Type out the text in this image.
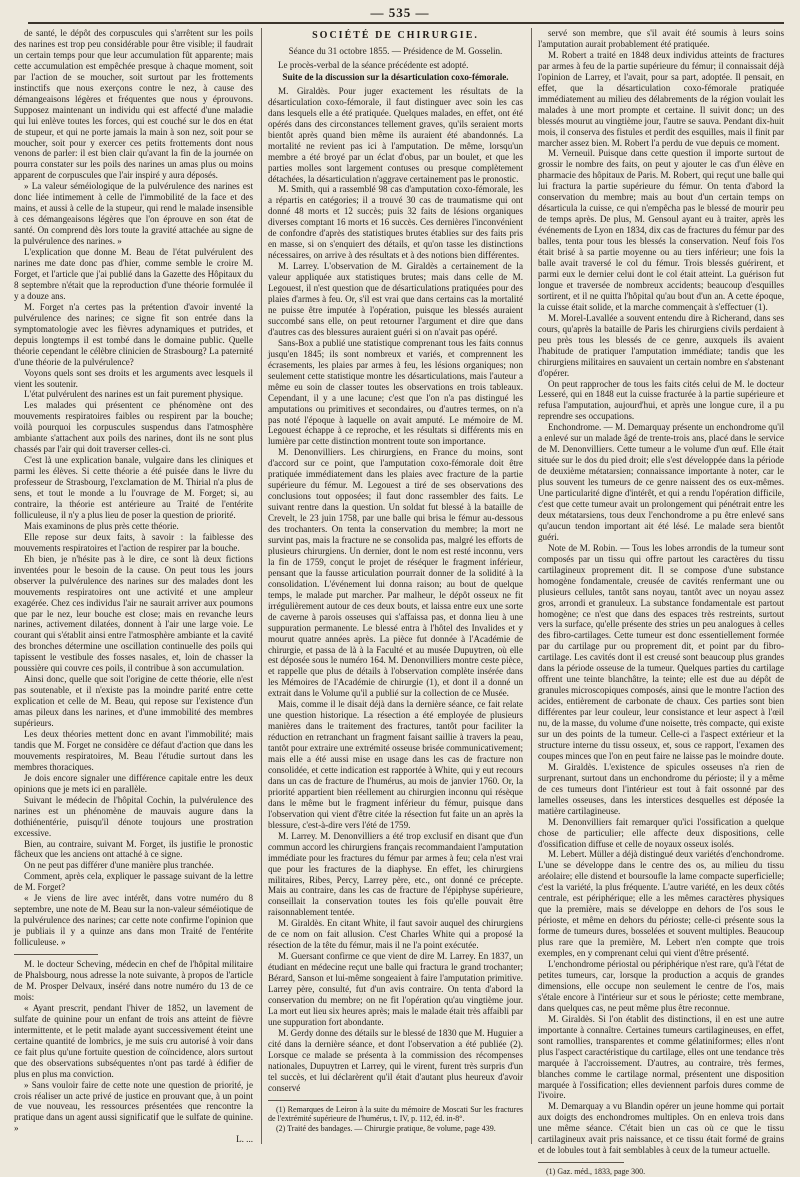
— 535 —

de santé, le dépôt des corpuscules qui s'arrêtent sur les poils des narines est trop peu considérable pour être visible; il faudrait un certain temps pour que leur accumulation fût apparente; mais cette accumulation est empêchée presque à chaque moment, soit par l'action de se moucher, soit surtout par les frottements instinctifs que nous exerçons contre le nez, à cause des démangeaisons légères et fréquentes que nous y éprouvons. Supposez maintenant un individu qui est affecté d'une maladie qui lui enlève toutes les forces, qui est couché sur le dos en état de stupeur, et qui ne porte jamais la main à son nez, soit pour se moucher, soit pour y exercer ces petits frottements dont nous venons de parler: il est bien clair qu'avant la fin de la journée on pourra constater sur les poils des narines un amas plus ou moins apparent de corpuscules que l'air inspiré y aura déposés.

» La valeur séméiologique de la pulvérulence des narines est donc liée intimement à celle de l'immobilité de la face et des mains, et aussi à celle de la stupeur, qui rend le malade insensible à ces démangeaisons légères que l'on éprouve en son état de santé. On comprend dès lors toute la gravité attachée au signe de la pulvérulence des narines. »

L'explication que donne M. Beau de l'état pulvérulent des narines me date donc pas d'hier, comme semble le croire M. Forget, et l'article que j'ai publié dans la Gazette des Hôpitaux du 8 septembre n'était que la reproduction d'une théorie formulée il y a douze ans.

M. Forget n'a certes pas la prétention d'avoir inventé la pulvérulence des narines; ce signe fit son entrée dans la symptomatologie avec les fièvres adynamiques et putrides, et depuis longtemps il est tombé dans le domaine public. Quelle théorie cependant le célèbre clinicien de Strasbourg? La paternité d'une théorie de la pulvérulence?

Voyons quels sont ses droits et les arguments avec lesquels il vient les soutenir.

L'état pulvérulent des narines est un fait purement physique.

Les malades qui présentent ce phénomène ont des mouvements respiratoires faibles ou respirent par la bouche; voilà pourquoi les corpuscules suspendus dans l'atmosphère ambiante s'attachent aux poils des narines, dont ils ne sont plus chassés par l'air qui doit traverser celles-ci.

C'est là une explication banale, vulgaire dans les cliniques et parmi les élèves. Si cette théorie a été puisée dans le livre du professeur de Strasbourg, l'exclamation de M. Thirial n'a plus de sens, et tout le monde a lu l'ouvrage de M. Forget; si, au contraire, la théorie est antérieure au Traité de l'entérite folliculeuse, il n'y a plus lieu de poser la question de priorité.

Mais examinons de plus près cette théorie.

Elle repose sur deux faits, à savoir : la faiblesse des mouvements respiratoires et l'action de respirer par la bouche.

Eh bien, je n'hésite pas à le dire, ce sont là deux fictions inventées pour le besoin de la cause. On peut tous les jours observer la pulvérulence des narines sur des malades dont les mouvements respiratoires ont une activité et une ampleur exagérée. Chez ces individus l'air ne saurait arriver aux poumons que par le nez, leur bouche est close; mais en revanche leurs narines, activement dilatées, donnent à l'air une large voie. Le courant qui s'établit ainsi entre l'atmosphère ambiante et la cavité des bronches détermine une oscillation continuelle des poils qui tapissent le vestibule des fosses nasales, et, loin de chasser la poussière qui couvre ces poils, il contribue à son accumulation.

Ainsi donc, quelle que soit l'origine de cette théorie, elle n'est pas soutenable, et il n'existe pas la moindre parité entre cette explication et celle de M. Beau, qui repose sur l'existence d'un amas pileux dans les narines, et d'une immobilité des membres supérieurs.

Les deux théories mettent donc en avant l'immobilité; mais tandis que M. Forget ne considère ce défaut d'action que dans les mouvements respiratoires, M. Beau l'étudie surtout dans les membres thoraciques.

Je dois encore signaler une différence capitale entre les deux opinions que je mets ici en parallèle.

Suivant le médecin de l'hôpital Cochin, la pulvérulence des narines est un phénomène de mauvais augure dans la dothiénentérie, puisqu'il dénote toujours une prostration excessive.

Bien, au contraire, suivant M. Forget, ils justifie le pronostic fâcheux que les anciens ont attaché à ce signe.

On ne peut pas différer d'une manière plus tranchée.

Comment, après cela, expliquer le passage suivant de la lettre de M. Forget?

« Je viens de lire avec intérêt, dans votre numéro du 8 septembre, une note de M. Beau sur la non-valeur séméiotique de la pulvérulence des narines; car cette note confirme l'opinion que je publiais il y a quinze ans dans mon Traité de l'entérite folliculeuse. »

M. le docteur Scheving, médecin en chef de l'hôpital militaire de Phalsbourg, nous adresse la note suivante, à propos de l'article de M. Prosper Delvaux, inséré dans notre numéro du 13 de ce mois:

« Ayant prescrit, pendant l'hiver de 1852, un lavement de sulfate de quinine pour un enfant de trois ans atteint de fièvre intermittente, et le petit malade ayant successivement éteint une certaine quantité de lombrics, je me suis cru autorisé à voir dans ce fait plus qu'une fortuite question de coïncidence, alors surtout que des observations subséquentes n'ont pas tardé à édifier de plus en plus ma conviction.

» Sans vouloir faire de cette note une question de priorité, je crois réaliser un acte privé de justice en prouvant que, à un point de vue nouveau, les ressources présentées que rencontre la pratique dans un agent aussi significatif que le sulfate de quinine. »

L. ...

SOCIÉTÉ DE CHIRURGIE.

Séance du 31 octobre 1855. — Présidence de M. Gosselin.

Le procès-verbal de la séance précédente est adopté.

Suite de la discussion sur la désarticulation coxo-fémorale.

M. Giraldès. Pour juger exactement les résultats de la désarticulation coxo-fémorale, il faut distinguer avec soin les cas dans lesquels elle a été pratiquée. Quelques malades, en effet, ont été opérés dans des circonstances tellement graves, qu'ils seraient morts bientôt après quand bien même ils auraient été abandonnés. La mortalité ne revient pas ici à l'amputation. De même, lorsqu'un membre a été broyé par un éclat d'obus, par un boulet, et que les parties molles sont largement contuses ou presque complètement détachées, la désarticulation n'aggrave certainement pas le pronostic.

M. Smith, qui a rassemblé 98 cas d'amputation coxo-fémorale, les a répartis en catégories; il a trouvé 30 cas de traumatisme qui ont donné 48 morts et 12 succès; puis 32 faits de lésions organiques diverses comptant 16 morts et 16 succès. Ces dernières l'inconvénient de confondre d'après des statistiques brutes établies sur des faits pris en masse, si on s'enquiert des détails, et qu'on tasse les distinctions nécessaires, on arrive à des résultats et à des notions bien différentes.

M. Larrey. L'observation de M. Giraldès a certainement de la valeur appliquée aux statistiques brutes; mais dans celle de M. Legouest, il n'est question que de désarticulations pratiquées pour des plaies d'armes à feu. Or, s'il est vrai que dans certains cas la mortalité ne puisse être imputée à l'opération, puisque les blessés auraient succombé sans elle, on peut retourner l'argument et dire que dans d'autres cas des blessures auraient guéri si on n'avait pas opéré.

Sans-Box a publié une statistique comprenant tous les faits connus jusqu'en 1845; ils sont nombreux et variés, et comprennent les écrasements, les plaies par armes à feu, les lésions organiques; non seulement cette statistique montre les désarticulations, mais l'auteur a même eu soin de classer toutes les observations en trois tableaux. Cependant, il y a une lacune; c'est que l'on n'a pas distingué les amputations ou primitives et secondaires, ou d'autres termes, on n'a pas noté l'époque à laquelle on avait amputé. Le mémoire de M. Legouest échappe à ce reproche, et les résultats si différents mis en lumière par cette distinction montrent toute son importance.

M. Denonvilliers. Les chirurgiens, en France du moins, sont d'accord sur ce point, que l'amputation coxo-fémorale doit être pratiquée immédiatement dans les plaies avec fracture de la partie supérieure du fémur. M. Legouest a tiré de ses observations des conclusions tout opposées; il faut donc rassembler des faits. Le suivant rentre dans la question. Un soldat fut blessé à la bataille de Crevelt, le 23 juin 1758, par une balle qui brisa le fémur au-dessous des trochanters. On tenta la conservation du membre; la mort ne survint pas, mais la fracture ne se consolida pas, malgré les efforts de plusieurs chirurgiens. Un dernier, dont le nom est resté inconnu, vers la fin de 1759, conçut le projet de réséquer le fragment inférieur, pensant que la fausse articulation pourrait donner de la solidité à la consolidation. L'événement lui donna raison; au bout de quelque temps, le malade put marcher. Par malheur, le dépôt osseux ne fit irrégulièrement autour de ces deux bouts, et laissa entre eux une sorte de caverne à parois osseuses qui s'affaissa pas, et donna lieu à une suppuration permanente. Le blessé entra à l'hôtel des Invalides et y mourut quatre années après. La pièce fut donnée à l'Académie de chirurgie, et passa de là à la Faculté et au musée Dupuytren, où elle est déposée sous le numéro 164. M. Denonvilliers montre ceste pièce, et rappelle que plus de détails à l'observation complète insérée dans les Mémoires de l'Académie de chirurgie (1), et dont il a donné un extrait dans le Volume qu'il a publié sur la collection de ce Musée.

Mais, comme il le disait déjà dans la dernière séance, ce fait relate une question historique. La résection a été employée de plusieurs manières dans le traitement des fractures, tantôt pour faciliter la réduction en retranchant un fragment faisant saillie à travers la peau, tantôt pour extraire une extrémité osseuse brisée communicativement; mais elle a été aussi mise en usage dans les cas de fracture non consolidée, et cette indication est rapportée à White, qui y eut recours dans un cas de fracture de l'humérus, au mois de janvier 1760. Or, la priorité appartient bien réellement au chirurgien inconnu qui résèque dans le même but le fragment inférieur du fémur, puisque dans l'observation qui vient d'être citée la résection fut faite un an après la blessure, c'est-à-dire vers l'été de 1759.

M. Larrey. M. Denonvilliers a été trop exclusif en disant que d'un commun accord les chirurgiens français recommandaient l'amputation immédiate pour les fractures du fémur par armes à feu; cela n'est vrai que pour les fractures de la diaphyse. En effet, les chirurgiens militaires, Ribes, Percy, Larrey père, etc., ont donné ce précepte. Mais au contraire, dans les cas de fracture de l'épiphyse supérieure, conseillait la conservation toutes les fois qu'elle pouvait être raisonnablement tentée.

M. Giraldès. En citant White, il faut savoir auquel des chirurgiens de ce nom on fait allusion. C'est Charles White qui a proposé la résection de la tête du fémur, mais il ne l'a point exécutée.

M. Guersant confirme ce que vient de dire M. Larrey. En 1837, un étudiant en médecine reçut une balle qui fractura le grand trochanter; Bérard, Sanson et lui-même songeaient à faire l'amputation primitive. Larrey père, consulté, fut d'un avis contraire. On tenta d'abord la conservation du membre; on ne fit l'opération qu'au vingtième jour. La mort eut lieu six heures après; mais le malade était très affaibli par une suppuration fort abondante.

M. Gerdy donne des détails sur le blessé de 1830 que M. Huguier a cité dans la dernière séance, et dont l'observation a été publiée (2). Lorsque ce malade se présenta à la commission des récompenses nationales, Dupuytren et Larrey, qui le virent, furent très surpris d'un tel succès, et lui déclarèrent qu'il était d'autant plus heureux d'avoir conservé

(1) Remarques de Leiron à la suite du mémoire de Moscati Sur les fractures de l'extrémité supérieure de l'humérus, t. IV, p. 112, éd. in-8°.

(2) Traité des bandages. — Chirurgie pratique, 8e volume, page 439.

servé son membre, que s'il avait été soumis à leurs soins l'amputation aurait probablement été pratiquée.

M. Robert a traité en 1848 deux individus atteints de fractures par armes à feu de la partie supérieure du fémur; il connaissait déjà l'opinion de Larrey, et l'avait, pour sa part, adoptée. Il pensait, en effet, que la désarticulation coxo-fémorale pratiquée immédiatement au milieu des délabrements de la région voulait les malades à une mort prompte et certaine. Il suivit donc; un des blessés mourut au vingtième jour, l'autre se sauva. Pendant dix-huit mois, il conserva des fistules et perdit des esquilles, mais il finit par marcher assez bien. M. Robert l'a perdu de vue depuis ce moment.

M. Verneuil. Puisque dans cette question il importe surtout de grossir le nombre des faits, on peut y ajouter le cas d'un élève en pharmacie des hôpitaux de Paris. M. Robert, qui reçut une balle qui lui fractura la partie supérieure du fémur. On tenta d'abord la conservation du membre; mais au bout d'un certain temps on désarticula la cuisse, ce qui n'empêcha pas le blessé de mourir peu de temps après. De plus, M. Gensoul ayant eu à traiter, après les événements de Lyon en 1834, dix cas de fractures du fémur par des balles, tenta pour tous les blessés la conservation. Neuf fois l'os était brisé à sa partie moyenne ou au tiers inférieur; une fois la balle avait traversé le col du fémur. Trois blessés guérirent, et parmi eux le dernier celui dont le col était atteint. La guérison fut longue et traversée de nombreux accidents; beaucoup d'esquilles sortirent, et il ne quitta l'hôpital qu'au bout d'un an. A cette époque, la cuisse était solide, et la marche commençait à s'effectuer (1).

M. Morel-Lavallée a souvent entendu dire à Richerand, dans ses cours, qu'après la bataille de Paris les chirurgiens civils perdaient à peu près tous les blessés de ce genre, auxquels ils avaient l'habitude de pratiquer l'amputation immédiate; tandis que les chirurgiens militaires en sauvaient un certain nombre en s'abstenant d'opérer.

On peut rapprocher de tous les faits cités celui de M. le docteur Lesseré, qui en 1848 eut la cuisse fracturée à la partie supérieure et refusa l'amputation, aujourd'hui, et après une longue cure, il a pu reprendre ses occupations.

Enchondrome. — M. Demarquay présente un enchondrome qu'il a enlevé sur un malade âgé de trente-trois ans, placé dans le service de M. Denonvilliers. Cette tumeur a le volume d'un œuf. Elle était située sur le dos du pied droit; elle s'est développée dans la période de deuxième métatarsien; connaissance importante à noter, car le plus souvent les tumeurs de ce genre naissent des os eux-mêmes. Une particularité digne d'intérêt, et qui a rendu l'opération difficile, c'est que cette tumeur avait un prolongement qui pénétrait entre les deux métatarsiens, tous deux l'enchondrome a pu être enlevé sans qu'aucun tendon important ait été lésé. Le malade sera bientôt guéri.

Note de M. Robin. — Tous les lobes arrondis de la tumeur sont composés par un tissu qui offre partout les caractères du tissu cartilagineux proprement dit. Il se compose d'une substance homogène fondamentale, creusée de cavités renfermant une ou plusieurs cellules, tantôt sans noyau, tantôt avec un noyau assez gros, arrondi et granuleux. La substance fondamentale est partout homogène; ce n'est que dans des espaces très restreints, surtout vers la surface, qu'elle présente des stries un peu analogues à celles des fibro-cartilages. Cette tumeur est donc essentiellement formée par du cartilage pur ou proprement dit, et point par du fibro-cartilage. Les cavités dont il est creusé sont beaucoup plus grandes dans la période osseuse de la tumeur. Quelques parties du cartilage offrent une teinte blanchâtre, la teinte; elle est due au dépôt de granules microscopiques composés, ainsi que le montre l'action des acides, entièrement de carbonate de chaux. Ces parties sont bien différentes par leur couleur, leur consistance et leur aspect à l'œil nu, de la masse, du volume d'une noisette, très compacte, qui existe sur un des points de la tumeur. Celle-ci a l'aspect extérieur et la structure interne du tissu osseux, et, sous ce rapport, l'examen des coupes minces que l'on en peut faire ne laisse pas le moindre doute.

M. Giraldès. L'existence de spicules osseuses n'a rien de surprenant, surtout dans un enchondrome du périoste; il y a même de ces tumeurs dont l'intérieur est tout à fait ossonné par des lamelles osseuses, dans les interstices desquelles est déposée la matière cartilagineuse.

M. Denonvilliers fait remarquer qu'ici l'ossification a quelque chose de particulier; elle affecte deux dispositions, celle d'ossification diffuse et celle de noyaux osseux isolés.

M. Lebert. Müller a déjà distingué deux variétés d'enchondrome. L'une se développe dans le centre des os, au milieu du tissu aréolaire; elle distend et boursoufle la lame compacte superficielle; c'est la variété, la plus fréquente. L'autre variété, en les deux côtés centrale, est périphérique; elle a les mêmes caractères physiques que la première, mais se développe en dehors de l'os sous le périoste, et même en dehors du périoste; celle-ci présente sous la forme de tumeurs dures, bosselées et souvent multiples. Beaucoup plus rare que la première, M. Lebert n'en compte que trois exemples, en y comprenant celui qui vient d'être présenté.

L'enchondrome périostal ou périphérique n'est rare, qu'à l'état de petites tumeurs, car, lorsque la production a acquis de grandes dimensions, elle occupe non seulement le centre de l'os, mais s'étale encore à l'intérieur sur et sous le périoste; cette membrane, dans quelques cas, ne peut même plus être reconnue.

M. Giraldès. Si l'on établit des distinctions, il en est une autre importante à connaître. Certaines tumeurs cartilagineuses, en effet, sont ramollies, transparentes et comme gélatiniformes; elles n'ont plus l'aspect caractéristique du cartilage, elles ont une tendance très marquée à l'accroissement. D'autres, au contraire, très fermes, blanches comme le cartilage normal, présentent une disposition marquée à l'ossification; elles deviennent parfois dures comme de l'ivoire.

M. Demarquay a vu Blandin opérer un jeune homme qui portait aux doigts des enchondromes multiples. On en enleva trois dans une même séance. C'était bien un cas où ce que le tissu cartilagineux avait pris naissance, et ce tissu était formé de grains et de lobules tout à fait semblables à ceux de la tumeur actuelle.

(1) Gaz. méd., 1833, page 300.
